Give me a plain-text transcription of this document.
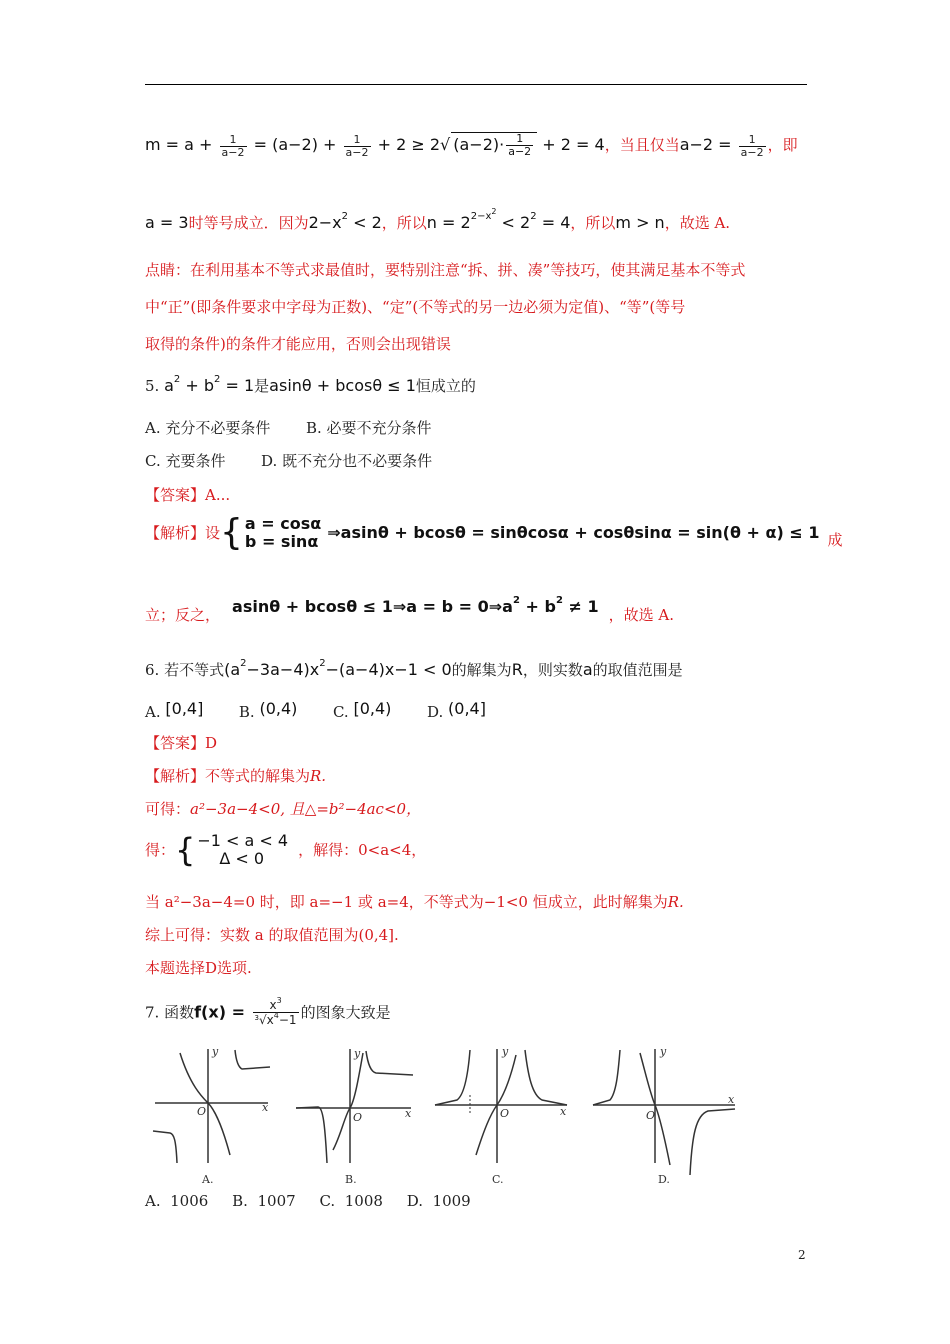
$m = a + \frac{1}{a-2} = (a-2) + \frac{1}{a-2} + 2 \ge 2√$ $(a-2)\cdot \frac{1}{a-2} + 2 = 4$，当且仅当$a-2 = \frac{1}{a-2}$ ，即
a = 3时等号成立．因为$2-x^2 < 2$，所以$n = 2^{2-x^2} < 2^2 = 4$，所以m > n，故选 A.
点睛：在利用基本不等式求最值时，要特别注意“拆、拼、凑”等技巧，使其满足基本不等式
中“正”(即条件要求中字母为正数)、“定”(不等式的另一边必须为定值)、“等”(等号
取得的条件)的条件才能应用，否则会出现错误
5. $a^2 + b^2 = 1$是asinθ + bcosθ ≤ 1恒成立的
A. 充分不必要条件 B. 必要不充分条件
C. 充要条件 D. 既不充分也不必要条件
【答案】A...
【解析】设{ a = cosα
b = sinα ⇒asinθ + bcosθ = sinθcosα + cosθsinα = sin(θ + α) ≤ 1 成
立；反之， asinθ + bcosθ ≤ 1⇒a = $b = 0\Rightarrow a^2 + b^2 \ne 1$ ，故选 A.
6. 若不等式$(a^2-3a-4)x^2-(a-4)x-1 < 0$的解集为R，则实数a的取值范围是
A. [0,4] B. (0,4) C. [0,4) D. (0,4]
【答案】D
【解析】不等式的解集为R.
可得：a²−3a−4<0, 且△=b²−4ac<0，
得：{ −1 < a < 4
Δ < 0	，解得：0<a<4，
当 a²−3a−4=0 时，即 a=−1 或 a=4，不等式为−1<0 恒成立，此时解集为R.
综上可得：实数 a 的取值范围为(0,4].
本题选择D选项.
7. 函数$f(x) = \frac{x^3}{^3√x^4-1}$ 的图象大致是
x
y
O
A.
x
y
O
B.
x
y
O
C.
x
y
O
D.
A.  1006     B.  1007     C.  1008     D.  1009
2
